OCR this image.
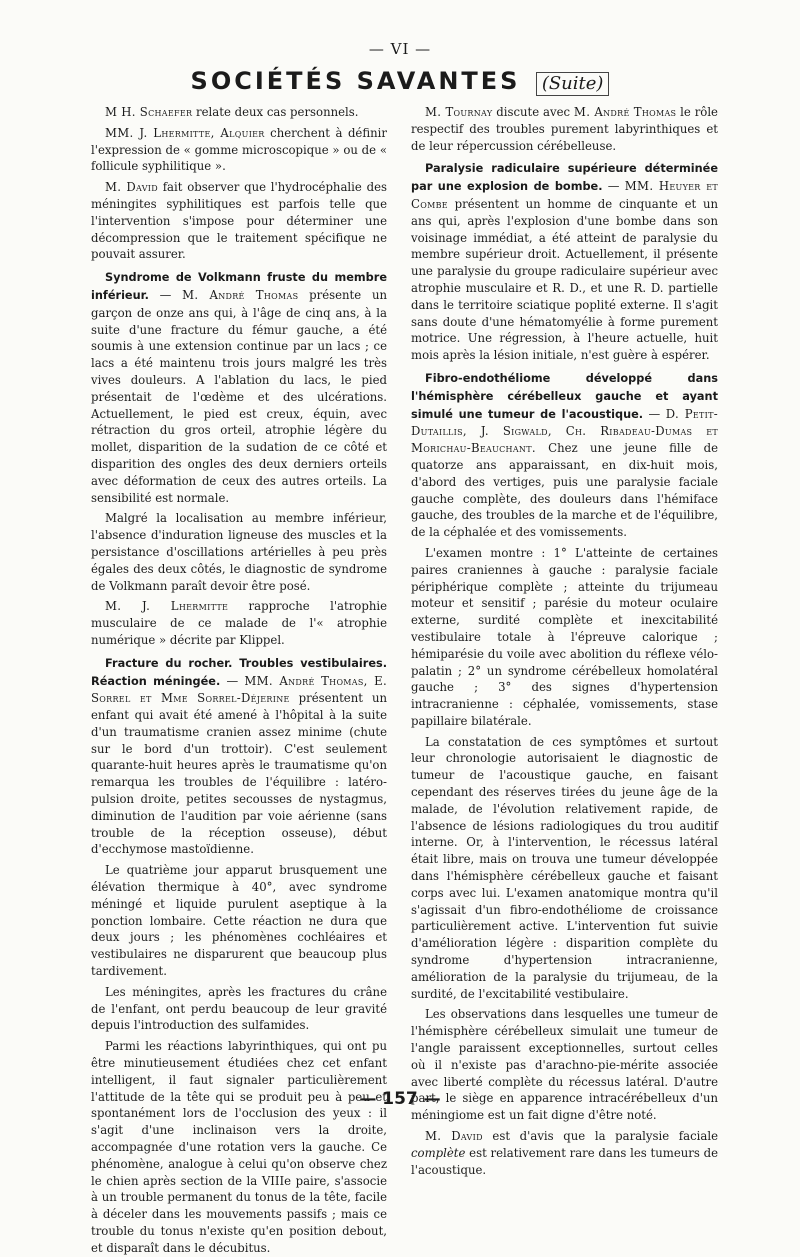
— VI —
SOCIÉTÉS SAVANTES (Suite)

M H. Schaefer relate deux cas personnels.

MM. J. Lhermitte, Alquier cherchent à définir l'expression de « gomme microscopique » ou de « follicule syphilitique ».

M. David fait observer que l'hydrocéphalie des méningites syphilitiques est parfois telle que l'intervention s'impose pour déterminer une décompression que le traitement spécifique ne pouvait assurer.

Syndrome de Volkmann fruste du membre inférieur. — M. André Thomas présente un garçon de onze ans qui, à l'âge de cinq ans, à la suite d'une fracture du fémur gauche, a été soumis à une extension continue par un lacs ; ce lacs a été maintenu trois jours malgré les très vives douleurs. A l'ablation du lacs, le pied présentait de l'œdème et des ulcérations. Actuellement, le pied est creux, équin, avec rétraction du gros orteil, atrophie légère du mollet, disparition de la sudation de ce côté et disparition des ongles des deux derniers orteils avec déformation de ceux des autres orteils. La sensibilité est normale.

Malgré la localisation au membre inférieur, l'absence d'induration ligneuse des muscles et la persistance d'oscillations artérielles à peu près égales des deux côtés, le diagnostic de syndrome de Volkmann paraît devoir être posé.

M. J. Lhermitte rapproche l'atrophie musculaire de ce malade de l'« atrophie numérique » décrite par Klippel.

Fracture du rocher. Troubles vestibulaires. Réaction méningée. — MM. André Thomas, E. Sorrel et Mme Sorrel-Déjerine présentent un enfant qui avait été amené à l'hôpital à la suite d'un traumatisme cranien assez minime (chute sur le bord d'un trottoir). C'est seulement quarante-huit heures après le traumatisme qu'on remarqua les troubles de l'équilibre : latéro-pulsion droite, petites secousses de nystagmus, diminution de l'audition par voie aérienne (sans trouble de la réception osseuse), début d'ecchymose mastoïdienne.

Le quatrième jour apparut brusquement une élévation thermique à 40°, avec syndrome méningé et liquide purulent aseptique à la ponction lombaire. Cette réaction ne dura que deux jours ; les phénomènes cochléaires et vestibulaires ne disparurent que beaucoup plus tardivement.

Les méningites, après les fractures du crâne de l'enfant, ont perdu beaucoup de leur gravité depuis l'introduction des sulfamides.

Parmi les réactions labyrinthiques, qui ont pu être minutieusement étudiées chez cet enfant intelligent, il faut signaler particulièrement l'attitude de la tête qui se produit peu à peu et spontanément lors de l'occlusion des yeux : il s'agit d'une inclinaison vers la droite, accompagnée d'une rotation vers la gauche. Ce phénomène, analogue à celui qu'on observe chez le chien après section de la VIIIe paire, s'associe à un trouble permanent du tonus de la tête, facile à déceler dans les mouvements passifs ; mais ce trouble du tonus n'existe qu'en position debout, et disparaît dans le décubitus.

M. Tournay discute avec M. André Thomas le rôle respectif des troubles purement labyrinthiques et de leur répercussion cérébelleuse.

Paralysie radiculaire supérieure déterminée par une explosion de bombe. — MM. Heuyer et Combe présentent un homme de cinquante et un ans qui, après l'explosion d'une bombe dans son voisinage immédiat, a été atteint de paralysie du membre supérieur droit. Actuellement, il présente une paralysie du groupe radiculaire supérieur avec atrophie musculaire et R. D., et une R. D. partielle dans le territoire sciatique poplité externe. Il s'agit sans doute d'une hématomyélie à forme purement motrice. Une régression, à l'heure actuelle, huit mois après la lésion initiale, n'est guère à espérer.

Fibro-endothéliome développé dans l'hémisphère cérébelleux gauche et ayant simulé une tumeur de l'acoustique. — D. Petit-Dutaillis, J. Sigwald, Ch. Ribadeau-Dumas et Morichau-Beauchant. Chez une jeune fille de quatorze ans apparaissant, en dix-huit mois, d'abord des vertiges, puis une paralysie faciale gauche complète, des douleurs dans l'hémiface gauche, des troubles de la marche et de l'équilibre, de la céphalée et des vomissements.

L'examen montre : 1° L'atteinte de certaines paires craniennes à gauche : paralysie faciale périphérique complète ; atteinte du trijumeau moteur et sensitif ; parésie du moteur oculaire externe, surdité complète et inexcitabilité vestibulaire totale à l'épreuve calorique ; hémiparésie du voile avec abolition du réflexe vélo-palatin ; 2° un syndrome cérébelleux homolatéral gauche ; 3° des signes d'hypertension intracranienne : céphalée, vomissements, stase papillaire bilatérale.

La constatation de ces symptômes et surtout leur chronologie autorisaient le diagnostic de tumeur de l'acoustique gauche, en faisant cependant des réserves tirées du jeune âge de la malade, de l'évolution relativement rapide, de l'absence de lésions radiologiques du trou auditif interne. Or, à l'intervention, le récessus latéral était libre, mais on trouva une tumeur développée dans l'hémisphère cérébelleux gauche et faisant corps avec lui. L'examen anatomique montra qu'il s'agissait d'un fibro-endothéliome de croissance particulièrement active. L'intervention fut suivie d'amélioration légère : disparition complète du syndrome d'hypertension intracranienne, amélioration de la paralysie du trijumeau, de la surdité, de l'excitabilité vestibulaire.

Les observations dans lesquelles une tumeur de l'hémisphère cérébelleux simulait une tumeur de l'angle paraissent exceptionnelles, surtout celles où il n'existe pas d'arachno-pie-mérite associée avec liberté complète du récessus latéral. D'autre part, le siège en apparence intracérébelleux d'un méningiome est un fait digne d'être noté.

M. David est d'avis que la paralysie faciale complète est relativement rare dans les tumeurs de l'acoustique.

— 157 —
